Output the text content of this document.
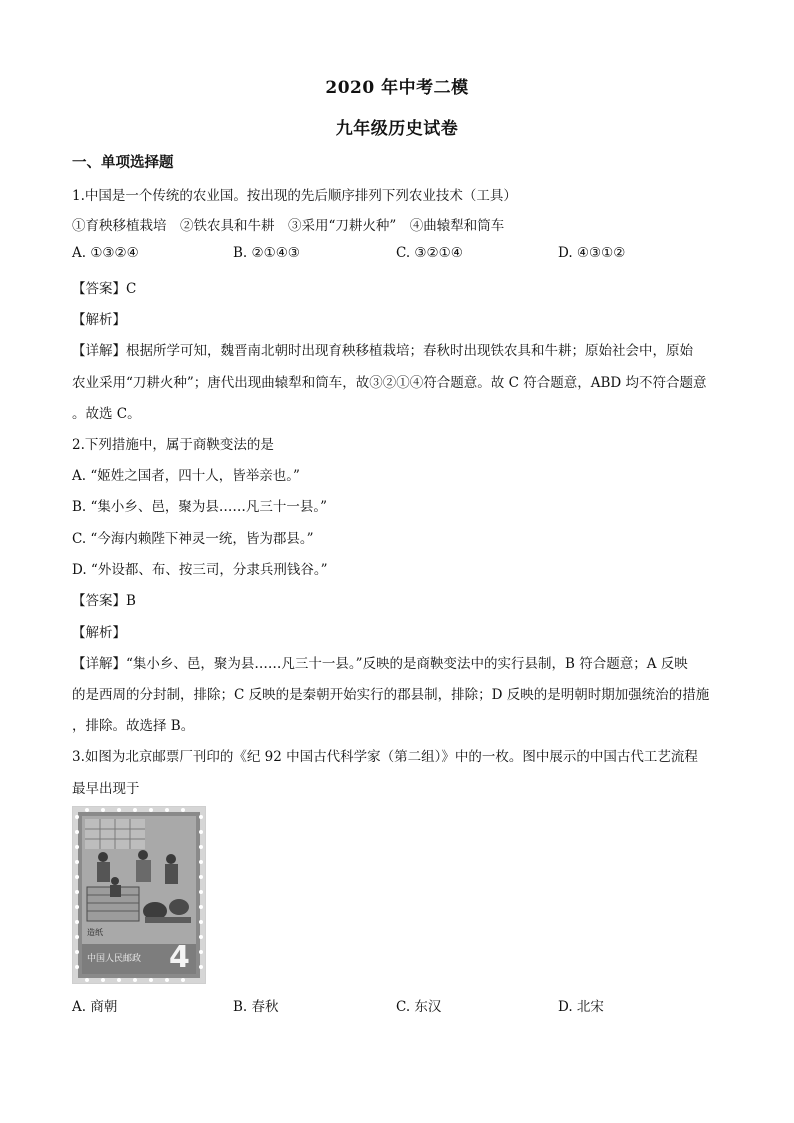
2020 年中考二模
九年级历史试卷
一、单项选择题
1.中国是一个传统的农业国。按出现的先后顺序排列下列农业技术（工具）
①育秧移植栽培　②铁农具和牛耕　③采用“刀耕火种”　④曲辕犁和筒车
A. ①③②④	B. ②①④③	C. ③②①④	D. ④③①②
【答案】C
【解析】
【详解】根据所学可知，魏晋南北朝时出现育秧移植栽培；春秋时出现铁农具和牛耕；原始社会中，原始
农业采用“刀耕火种”；唐代出现曲辕犁和筒车，故③②①④符合题意。故 C 符合题意，ABD 均不符合题意
。故选 C。
2.下列措施中，属于商鞅变法的是
A. “姬姓之国者，四十人，皆举亲也。”
B. “集小乡、邑，聚为县……凡三十一县。”
C. “今海内赖陛下神灵一统，皆为郡县。”
D. “外设都、布、按三司，分隶兵刑钱谷。”
【答案】B
【解析】
【详解】“集小乡、邑，聚为县……凡三十一县。”反映的是商鞅变法中的实行县制，B 符合题意；A 反映
的是西周的分封制，排除；C 反映的是秦朝开始实行的郡县制，排除；D 反映的是明朝时期加强统治的措施
，排除。故选择 B。
3.如图为北京邮票厂刊印的《纪 92 中国古代科学家（第二组）》中的一枚。图中展示的中国古代工艺流程
最早出现于
造纸
中国人民邮政 4
A. 商朝	B. 春秋	C. 东汉	D. 北宋
